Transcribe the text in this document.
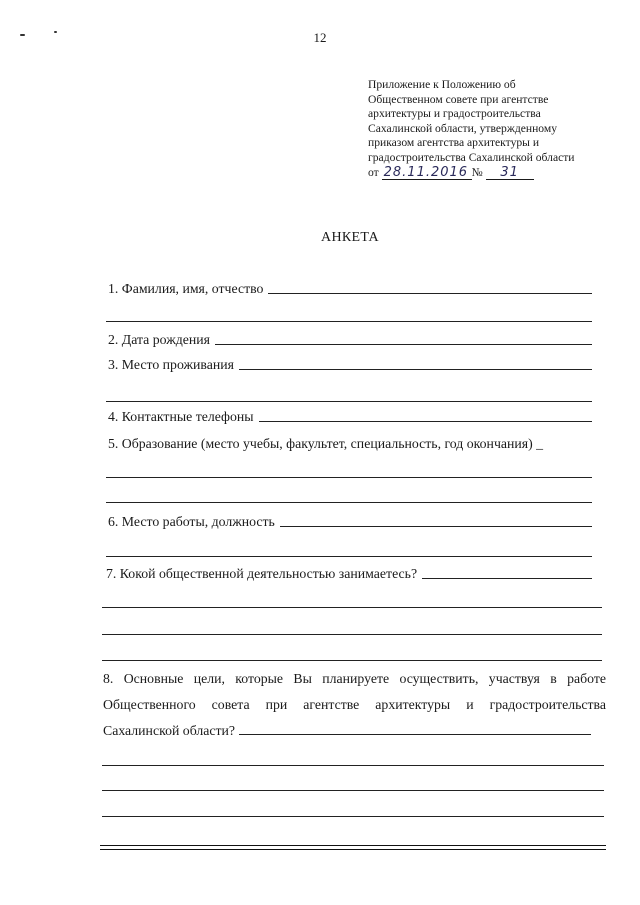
12
Приложение к Положению об
Общественном совете при агентстве
архитектуры и градостроительства
Сахалинской области, утвержденному
приказом агентства архитектуры и
градостроительства Сахалинской области
от 28.11.2016 № 31
АНКЕТА
1. Фамилия, имя, отчество
2. Дата рождения
3. Место проживания
4. Контактные телефоны
5. Образование (место учебы, факультет, специальность, год окончания) _
6. Место работы, должность
7. Кокой общественной деятельностью занимаетесь?
8. Основные цели, которые Вы планируете осуществить, участвуя в работе Общественного совета при агентстве архитектуры и градостроительства Сахалинской области?
